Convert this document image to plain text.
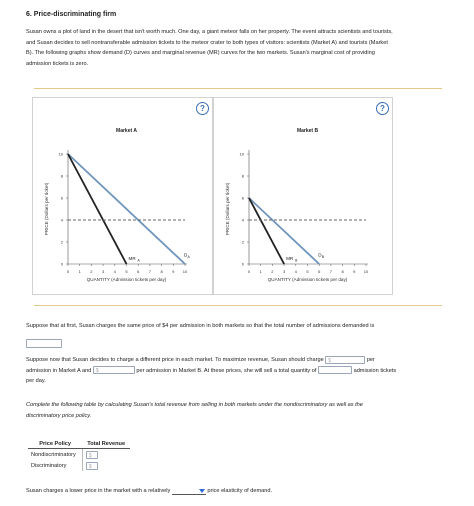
6. Price-discriminating firm
Susan owns a plot of land in the desert that isn't worth much. One day, a giant meteor falls on her property. The event attracts scientists and tourists,
and Susan decides to sell nontransferable admission tickets to the meteor crater to both types of visitors: scientists (Market A) and tourists (Market
B). The following graphs show demand (D) curves and marginal revenue (MR) curves for the two markets. Susan's marginal cost of providing
admission tickets is zero.
?
Market A
0
2
4
6
8
10
0 1 2 3 4 5 6 7 8 9 10
QUANTITY (Admission tickets per day)
PRICE (Dollars per ticket)
MR A
D A
?
Market B
0
2
4
6
8
10
0 1 2 3 4 5 6 7 8 9 10
QUANTITY (Admission tickets per day)
PRICE (Dollars per ticket)
MR B
D B
Suppose that at first, Susan charges the same price of $4 per admission in both markets so that the total number of admissions demanded is
Suppose now that Susan decides to charge a different price in each market. To maximize revenue, Susan should charge $	per
admission in Market A and $	per admission in Market B. At these prices, she will sell a total quantity of	admission tickets
per day.
Complete the following table by calculating Susan's total revenue from selling in both markets under the nondiscriminatory as well as the
discriminatory price policy.
Price Policy	Total Revenue
Nondiscriminatory	$
Discriminatory	$
Susan charges a lower price in the market with a relatively	price elasticity of demand.
